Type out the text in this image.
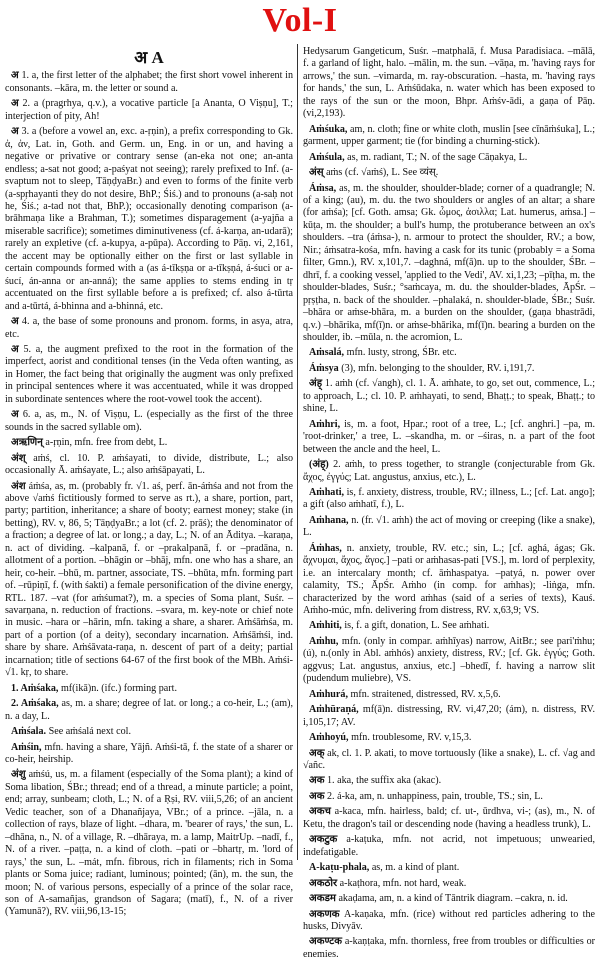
Vol-I
अ A
अ 1. a, the first letter of the alphabet; the first short vowel inherent in consonants. –kāra, m. the letter or sound a.
अ 2. a (pragrhya, q.v.), a vocative particle [a Ananta, O Viṣṇu], T.; interjection of pity, Ah!
अ 3. a (before a vowel an, exc. a-ṛṇin), a prefix corresponding to Gk. ἀ, ἀν, Lat. in, Goth. and Germ. un, Eng. in or un, and having a negative or privative or contrary sense (an-eka not one; an-anta endless; a-sat not good; a-paśyat not seeing); rarely prefixed to Inf. (a-svaptum not to sleep, TāṇḍyaBr.) and even to forms of the finite verb (a-spṛhayanti they do not desire, BhP.; Śiś.) and to pronouns (a-saḥ not he, Śiś.; a-tad not that, BhP.); occasionally denoting comparison (a-brāhmaṇa like a Brahman, T.); sometimes disparagement (a-yajña a miserable sacrifice); sometimes diminutiveness (cf. á-karṇa, an-udarā); rarely an expletive (cf. a-kupya, a-pūpa). According to Pāṇ. vi, 2,161, the accent may be optionally either on the first or last syllable in certain compounds formed with a (as á-tīkṣṇa or a-tīkṣṇá, á-śuci or a-śucí, án-anna or an-anná); the same applies to stems ending in tṛ accentuated on the first syllable before a is prefixed; cf. also á-tūrta and a-tūrtá, á-bhinna and a-bhinná, etc.
अ 4. a, the base of some pronouns and pronom. forms, in asya, atra, etc.
अ 5. a, the augment prefixed to the root in the formation of the imperfect, aorist and conditional tenses (in the Veda often wanting, as in Homer, the fact being that originally the augment was only prefixed in principal sentences where it was accentuated, while it was dropped in subordinate sentences where the root-vowel took the accent).
अ 6. a, as, m., N. of Viṣṇu, L. (especially as the first of the three sounds in the sacred syllable om).
अऋणिन् a-ṛṇin, mfn. free from debt, L.
अंश् aṁś, cl. 10. P. aṁśayati, to divide, distribute, L.; also occasionally Ā. aṁśayate, L.; also aṁśāpayati, L.
अंश áṁśa, as, m. (probably fr. √1. aś, perf. ān-áṁśa and not from the above √aṁś fictitiously formed to serve as rt.), a share, portion, part, party; partition, inheritance; a share of booty; earnest money; stake (in betting), RV. v, 86, 5; TāṇḍyaBr.; a lot (cf. 2. prāś); the denominator of a fraction; a degree of lat. or long.; a day, L.; N. of an Āditya. –karaṇa, n. act of dividing. –kalpanā, f. or –prakalpanā, f. or –pradāna, n. allotment of a portion. –bhāgin or –bhāj, mfn. one who has a share, an heir, co-heir. –bhū, m. partner, associate, TS. –bhūta, mfn. forming part of. –rūpiṇī, f. (with śakti) a female personification of the divine energy, RTL. 187. –vat (for aṁśumat?), m. a species of Soma plant, Suśr. –savarṇana, n. reduction of fractions. –svara, m. key-note or chief note in music. –hara or –hārin, mfn. taking a share, a sharer. Aṁśāṁśa, m. part of a portion (of a deity), secondary incarnation. Aṁśāṁśi, ind. share by share. Aṁśāvata-raṇa, n. descent of part of a deity; partial incarnation; title of sections 64-67 of the first book of the MBh. Aṁśi-√1. kṛ, to share.
1. Aṁśaka, mf(ikā)n. (ifc.) forming part.
2. Aṁśaka, as, m. a share; degree of lat. or long.; a co-heir, L.; (am), n. a day, L.
Aṁśala. See aṁśalá next col.
Aṁśin, mfn. having a share, Yājñ. Aṁśi-tā, f. the state of a sharer or co-heir, heirship.
अंशु aṁśú, us, m. a filament (especially of the Soma plant); a kind of Soma libation, ŚBr.; thread; end of a thread, a minute particle; a point, end; array, sunbeam; cloth, L.; N. of a Ṛṣi, RV. viii,5,26; of an ancient Vedic teacher, son of a Dhanañjaya, VBr.; of a prince. –jāla, n. a collection of rays, blaze of light. –dhara, m. 'bearer of rays,' the sun, L. –dhāna, n., N. of a village, R. –dhāraya, m. a lamp, MaitrUp. –nadī, f., N. of a river. –paṭṭa, n. a kind of cloth. –pati or –bhartṛ, m. 'lord of rays,' the sun, L. –mát, mfn. fibrous, rich in filaments; rich in Soma plants or Soma juice; radiant, luminous; pointed; (ān), m. the sun, the moon; N. of various persons, especially of a prince of the solar race, son of A-samañjas, grandson of Sagara; (matī), f., N. of a river (Yamunā?), RV. viii,96,13-15;
Hedysarum Gangeticum, Suśr. –matphalā, f. Musa Paradisiaca. –mālā, f. a garland of light, halo. –mālin, m. the sun. –vāṇa, m. 'having rays for arrows,' the sun. –vimarda, m. ray-obscuration. –hasta, m. 'having rays for hands,' the sun, L. Aṁśūdaka, n. water which has been exposed to the rays of the sun or the moon, Bhpr. Aṁśv-ādi, a gaṇa of Pāṇ. (vi,2,193).
Aṁśuka, am, n. cloth; fine or white cloth, muslin [see cīnāṁśuka], L.; garment, upper garment; tie (for binding a churning-stick).
Aṁśula, as, m. radiant, T.; N. of the sage Cāṇakya, L.
अंस् aṁs (cf. √aṁś), L. See व्यंस्.
Áṁsa, as, m. the shoulder, shoulder-blade; corner of a quadrangle; N. of a king; (au), m. du. the two shoulders or angles of an altar; a share (for aṁśa); [cf. Goth. amsa; Gk. ὦμος, ἀσιλλα; Lat. humerus, aṁsa.] –kūṭa, m. the shoulder; a bull's hump, the protuberance between an ox's shoulders. –tra (áṁsa-), n. armour to protect the shoulder, RV.; a bow, Nir.; áṁsatra-kośa, mfn. having a cask for its tunic (probably = a Soma filter, Gmn.), RV. x,101,7. –daghná, mf(ā)n. up to the shoulder, ŚBr. –dhrī, f. a cooking vessel, 'applied to the Vedi', AV. xi,1,23; –pīṭha, m. the shoulder-blades, Suśr.; °saṁcaya, m. du. the shoulder-blades, ĀpŚr. –pṛṣṭha, n. back of the shoulder. –phalaká, n. shoulder-blade, ŚBr.; Suśr. –bhāra or aṁse-bhāra, m. a burden on the shoulder, (gaṇa bhastrādi, q.v.) –bhārika, mf(ī)n. or aṁse-bhārika, mf(ī)n. bearing a burden on the shoulder, ib. –mūla, n. the acromion, L.
Aṁsalá, mfn. lusty, strong, ŚBr. etc.
Áṁsya (3), mfn. belonging to the shoulder, RV. i,191,7.
अंह् 1. aṁh (cf. √angh), cl. 1. Ā. aṁhate, to go, set out, commence, L.; to approach, L.; cl. 10. P. aṁhayati, to send, Bhaṭṭ.; to speak, Bhaṭṭ.; to shine, L.
Aṁhri, is, m. a foot, Hpar.; root of a tree, L.; [cf. anghri.] –pa, m. 'root-drinker,' a tree, L. –skandha, m. or –śiras, n. a part of the foot between the ancle and the heel, L.
(अंह्) 2. aṁh, to press together, to strangle (conjecturable from Gk. ἄχος, ἐγγύς; Lat. angustus, anxius, etc.), L.
Aṁhati, is, f. anxiety, distress, trouble, RV.; illness, L.; [cf. Lat. ango]; a gift (also aṁhatī, f.), L.
Aṁhana, n. (fr. √1. aṁh) the act of moving or creeping (like a snake), L.
Áṁhas, n. anxiety, trouble, RV. etc.; sin, L.; [cf. aghá, ágas; Gk. ἄχνυμαι, ἄχος, ἄγος.] –pati or aṁhasas-pati [VS.], m. lord of perplexity, i.e. an intercalary month; cf. āṁhaspatya. –patyá, n. power over calamity, TS.; ĀpŚr. Aṁho (in comp. for aṁhas); -liṅga, mfn. characterized by the word aṁhas (said of a series of texts), Kauś. Aṁho-múc, mfn. delivering from distress, RV. x,63,9; VS.
Aṁhiti, is, f. a gift, donation, L. See aṁhati.
Aṁhu, mfn. (only in compar. aṁhīyas) narrow, AitBr.; see pari'ṁhu; (ú), n.(only in Abl. aṁhós) anxiety, distress, RV.; [cf. Gk. ἐγγύς; Goth. aggvus; Lat. angustus, anxius, etc.] –bhedī, f. having a narrow slit (pudendum muliebre), VS.
Aṁhurá, mfn. straitened, distressed, RV. x,5,6.
Aṁhūraṇá, mf(ā)n. distressing, RV. vi,47,20; (ám), n. distress, RV. i,105,17; AV.
Aṁhoyú, mfn. troublesome, RV. v,15,3.
अक् ak, cl. 1. P. akati, to move tortuously (like a snake), L. cf. √ag and √añc.
अक 1. aka, the suffix aka (akac).
अक 2. á-ka, am, n. unhappiness, pain, trouble, TS.; sin, L.
अकच a-kaca, mfn. hairless, bald; cf. ut-, ūrdhva, vi-; (as), m., N. of Ketu, the dragon's tail or descending node (having a headless trunk), L.
अकटुक a-kaṭuka, mfn. not acrid, not impetuous; unwearied, indefatigable.
A-kaṭu-phala, as, m. a kind of plant.
अकठोर a-kaṭhora, mfn. not hard, weak.
अकडम akaḍama, am, n. a kind of Tāntrik diagram. –cakra, n. id.
अकणक A-kaṇaka, mfn. (rice) without red particles adhering to the husks, Divyāv.
अकण्टक a-kaṇṭaka, mfn. thornless, free from troubles or difficulties or enemies.
